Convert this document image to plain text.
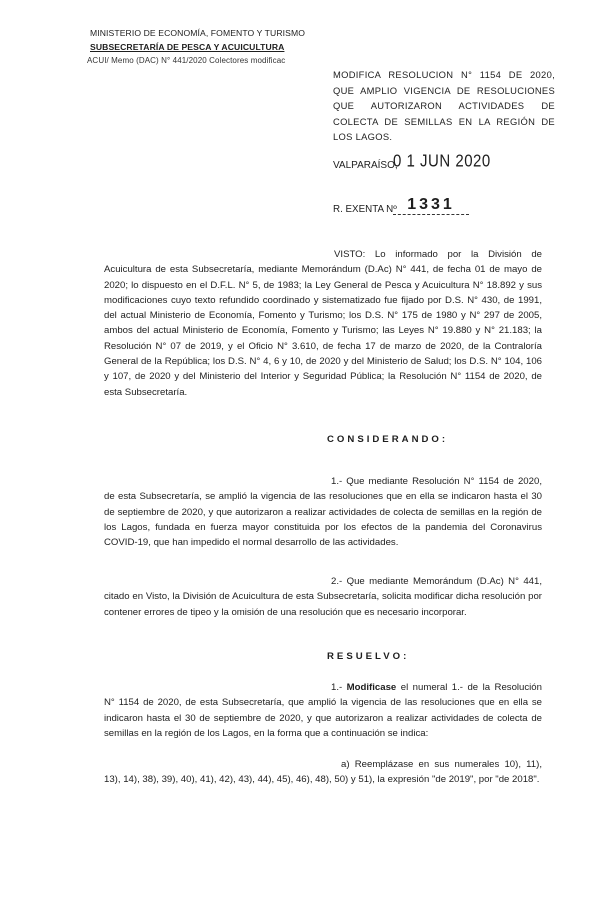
MINISTERIO DE ECONOMÍA, FOMENTO Y TURISMO
SUBSECRETARÍA DE PESCA Y ACUICULTURA
ACUI/ Memo (DAC) N° 441/2020 Colectores modificac
MODIFICA RESOLUCION N° 1154 DE 2020, QUE AMPLIO VIGENCIA DE RESOLUCIONES QUE AUTORIZARON ACTIVIDADES DE COLECTA DE SEMILLAS EN LA REGIÓN DE LOS LAGOS.
VALPARAÍSO,
0 1 JUN 2020
R. EXENTA Nº 1331
VISTO: Lo informado por la División de Acuicultura de esta Subsecretaría, mediante Memorándum (D.Ac) N° 441, de fecha 01 de mayo de 2020; lo dispuesto en el D.F.L. N° 5, de 1983; la Ley General de Pesca y Acuicultura N° 18.892 y sus modificaciones cuyo texto refundido coordinado y sistematizado fue fijado por D.S. N° 430, de 1991, del actual Ministerio de Economía, Fomento y Turismo; los D.S. N° 175 de 1980 y N° 297 de 2005, ambos del actual Ministerio de Economía, Fomento y Turismo; las Leyes N° 19.880 y N° 21.183; la Resolución N° 07 de 2019, y el Oficio N° 3.610, de fecha 17 de marzo de 2020, de la Contraloría General de la República; los D.S. N° 4, 6 y 10, de 2020 y del Ministerio de Salud; los D.S. N° 104, 106 y 107, de 2020 y del Ministerio del Interior y Seguridad Pública; la Resolución N° 1154 de 2020, de esta Subsecretaría.
CONSIDERANDO:
1.- Que mediante Resolución N° 1154 de 2020, de esta Subsecretaría, se amplió la vigencia de las resoluciones que en ella se indicaron hasta el 30 de septiembre de 2020, y que autorizaron a realizar actividades de colecta de semillas en la región de los Lagos, fundada en fuerza mayor constituida por los efectos de la pandemia del Coronavirus COVID-19, que han impedido el normal desarrollo de las actividades.
2.- Que mediante Memorándum (D.Ac) N° 441, citado en Visto, la División de Acuicultura de esta Subsecretaría, solicita modificar dicha resolución por contener errores de tipeo y la omisión de una resolución que es necesario incorporar.
RESUELVO:
1.- Modificase el numeral 1.- de la Resolución N° 1154 de 2020, de esta Subsecretaría, que amplió la vigencia de las resoluciones que en ella se indicaron hasta el 30 de septiembre de 2020, y que autorizaron a realizar actividades de colecta de semillas en la región de los Lagos, en la forma que a continuación se indica:
a) Reemplázase en sus numerales 10), 11), 13), 14), 38), 39), 40), 41), 42), 43), 44), 45), 46), 48), 50) y 51), la expresión "de 2019", por "de 2018".
